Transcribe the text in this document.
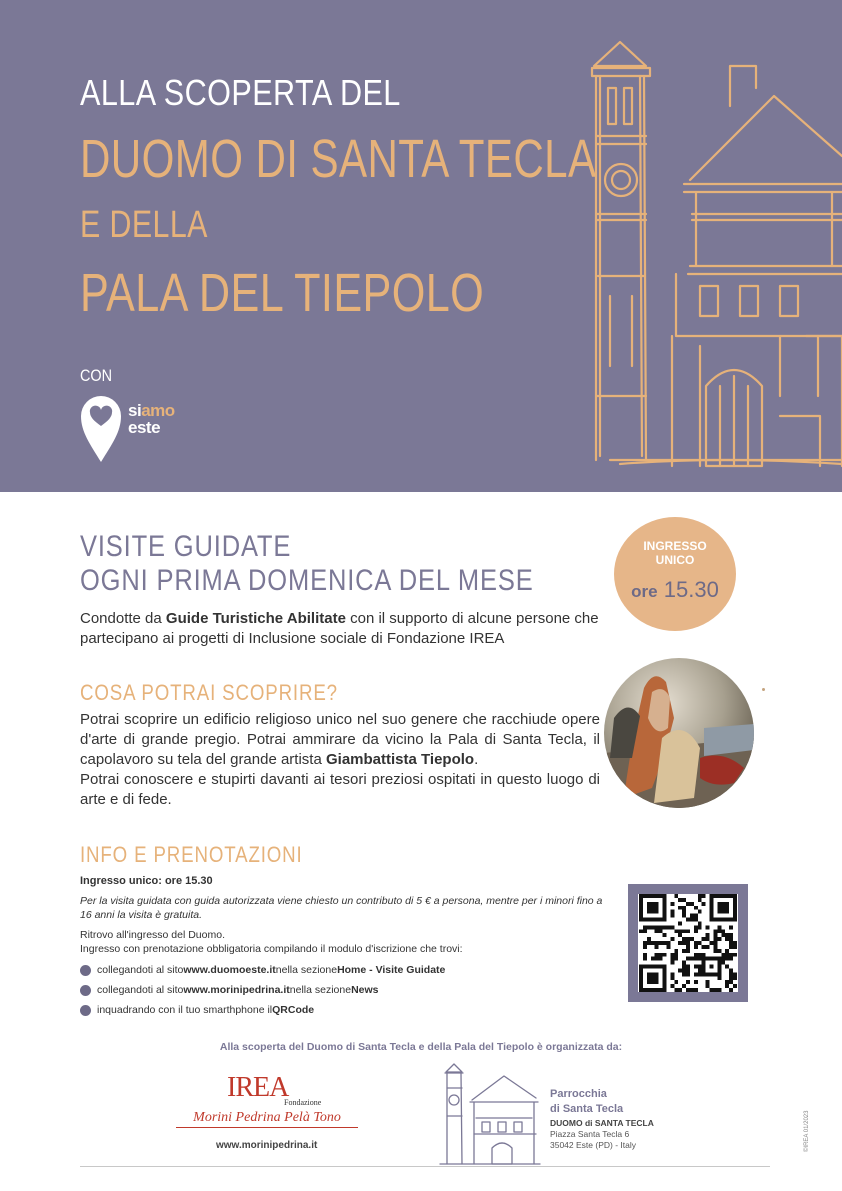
ALLA SCOPERTA DEL
DUOMO DI SANTA TECLA
E DELLA
PALA DEL TIEPOLO
CON
siamo
este
VISITE GUIDATE
OGNI PRIMA DOMENICA DEL MESE
Condotte da Guide Turistiche Abilitate con il supporto di alcune persone che partecipano ai progetti di Inclusione sociale di Fondazione IREA
INGRESSO
UNICO
ore 15.30
COSA POTRAI SCOPRIRE?
Potrai scoprire un edificio religioso unico nel suo genere che racchiude opere d'arte di grande pregio. Potrai ammirare da vicino la Pala di Santa Tecla, il capolavoro su tela del grande artista Giambattista Tiepolo.
Potrai conoscere e stupirti davanti ai tesori preziosi ospitati in questo luogo di arte e di fede.
INFO E PRENOTAZIONI
Ingresso unico: ore 15.30
Per la visita guidata con guida autorizzata viene chiesto un contributo di 5 € a persona, mentre per i minori fino a 16 anni la visita è gratuita.
Ritrovo all'ingresso del Duomo.
Ingresso con prenotazione obbligatoria compilando il modulo d'iscrizione che trovi:
collegandoti al sito www.duomoeste.it nella sezione Home - Visite Guidate
collegandoti al sito www.morinipedrina.it nella sezione News
inquadrando con il tuo smarthphone il QRCode
Alla scoperta del Duomo di Santa Tecla e della Pala del Tiepolo è organizzata da:
IREA
Fondazione
Morini Pedrina Pelà Tono
www.morinipedrina.it
Parrocchia
di Santa Tecla
DUOMO di SANTA TECLA
Piazza Santa Tecla 6
35042 Este (PD) - Italy	©IREA 01/2023
